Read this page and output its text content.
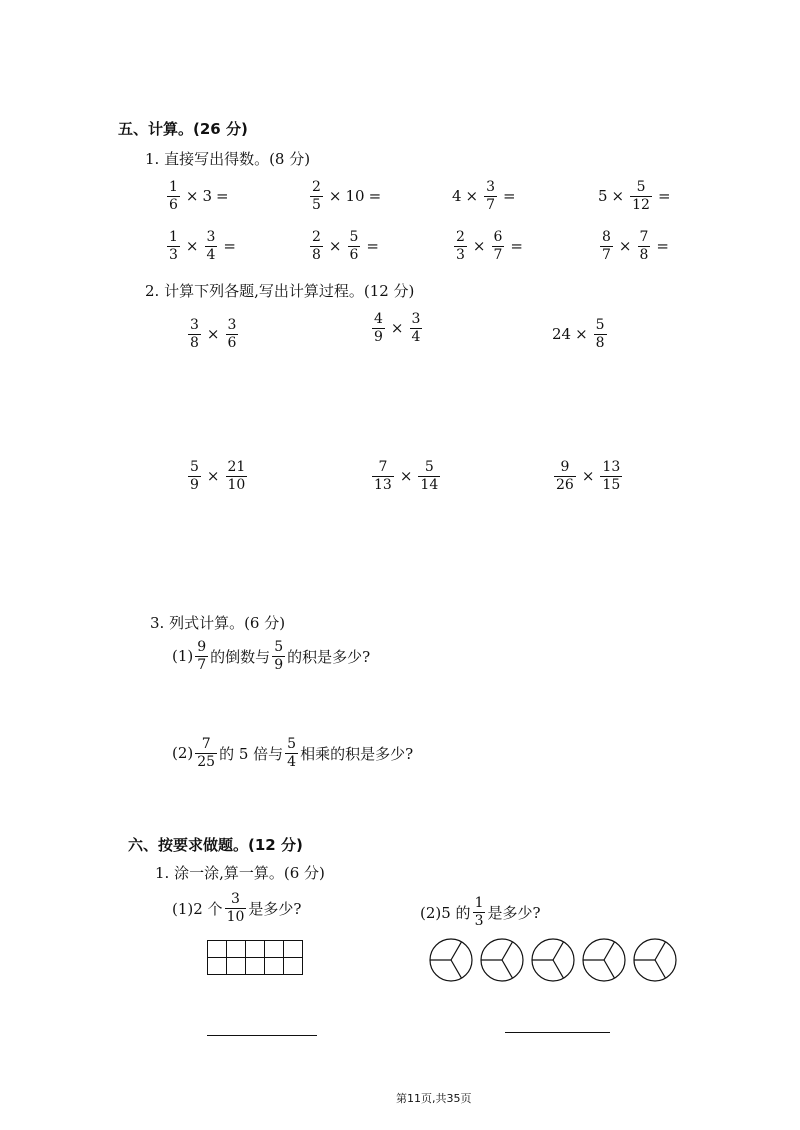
五、计算。(26 分)
1. 直接写出得数。(8 分)
$\frac{1}{6} \times 3$ =	$\frac{2}{5} \times 10$ =	$4 \times \frac{3}{7}$ =	$5 \times \frac{5}{12}$ =
$\frac{1}{3} \times \frac{3}{4}$ =	$\frac{2}{8} \times \frac{5}{6}$ =	$\frac{2}{3} \times \frac{6}{7}$ =	$\frac{8}{7} \times \frac{7}{8}$ =
2. 计算下列各题,写出计算过程。(12 分)
$\frac{3}{8} \times \frac{3}{6}$	$\frac{4}{9} \times \frac{3}{4}$	$24 \times \frac{5}{8}$
$\frac{5}{9} \times \frac{21}{10}$	$\frac{7}{13} \times \frac{5}{14}$	$\frac{9}{26} \times \frac{13}{15}$
3. 列式计算。(6 分)
$(1) \frac{9}{7}$ 的倒数与 $\frac{5}{9}$ 的积是多少?
$(2) \frac{7}{25}$ 的 5 倍与 $\frac{5}{4}$ 相乘的积是多少?
六、按要求做题。(12 分)
1. 涂一涂,算一算。(6 分)
(1)2 个 $\frac{3}{10}$ 是多少?	(2)5 的 $\frac{1}{3}$ 是多少?

第11页,共35页
